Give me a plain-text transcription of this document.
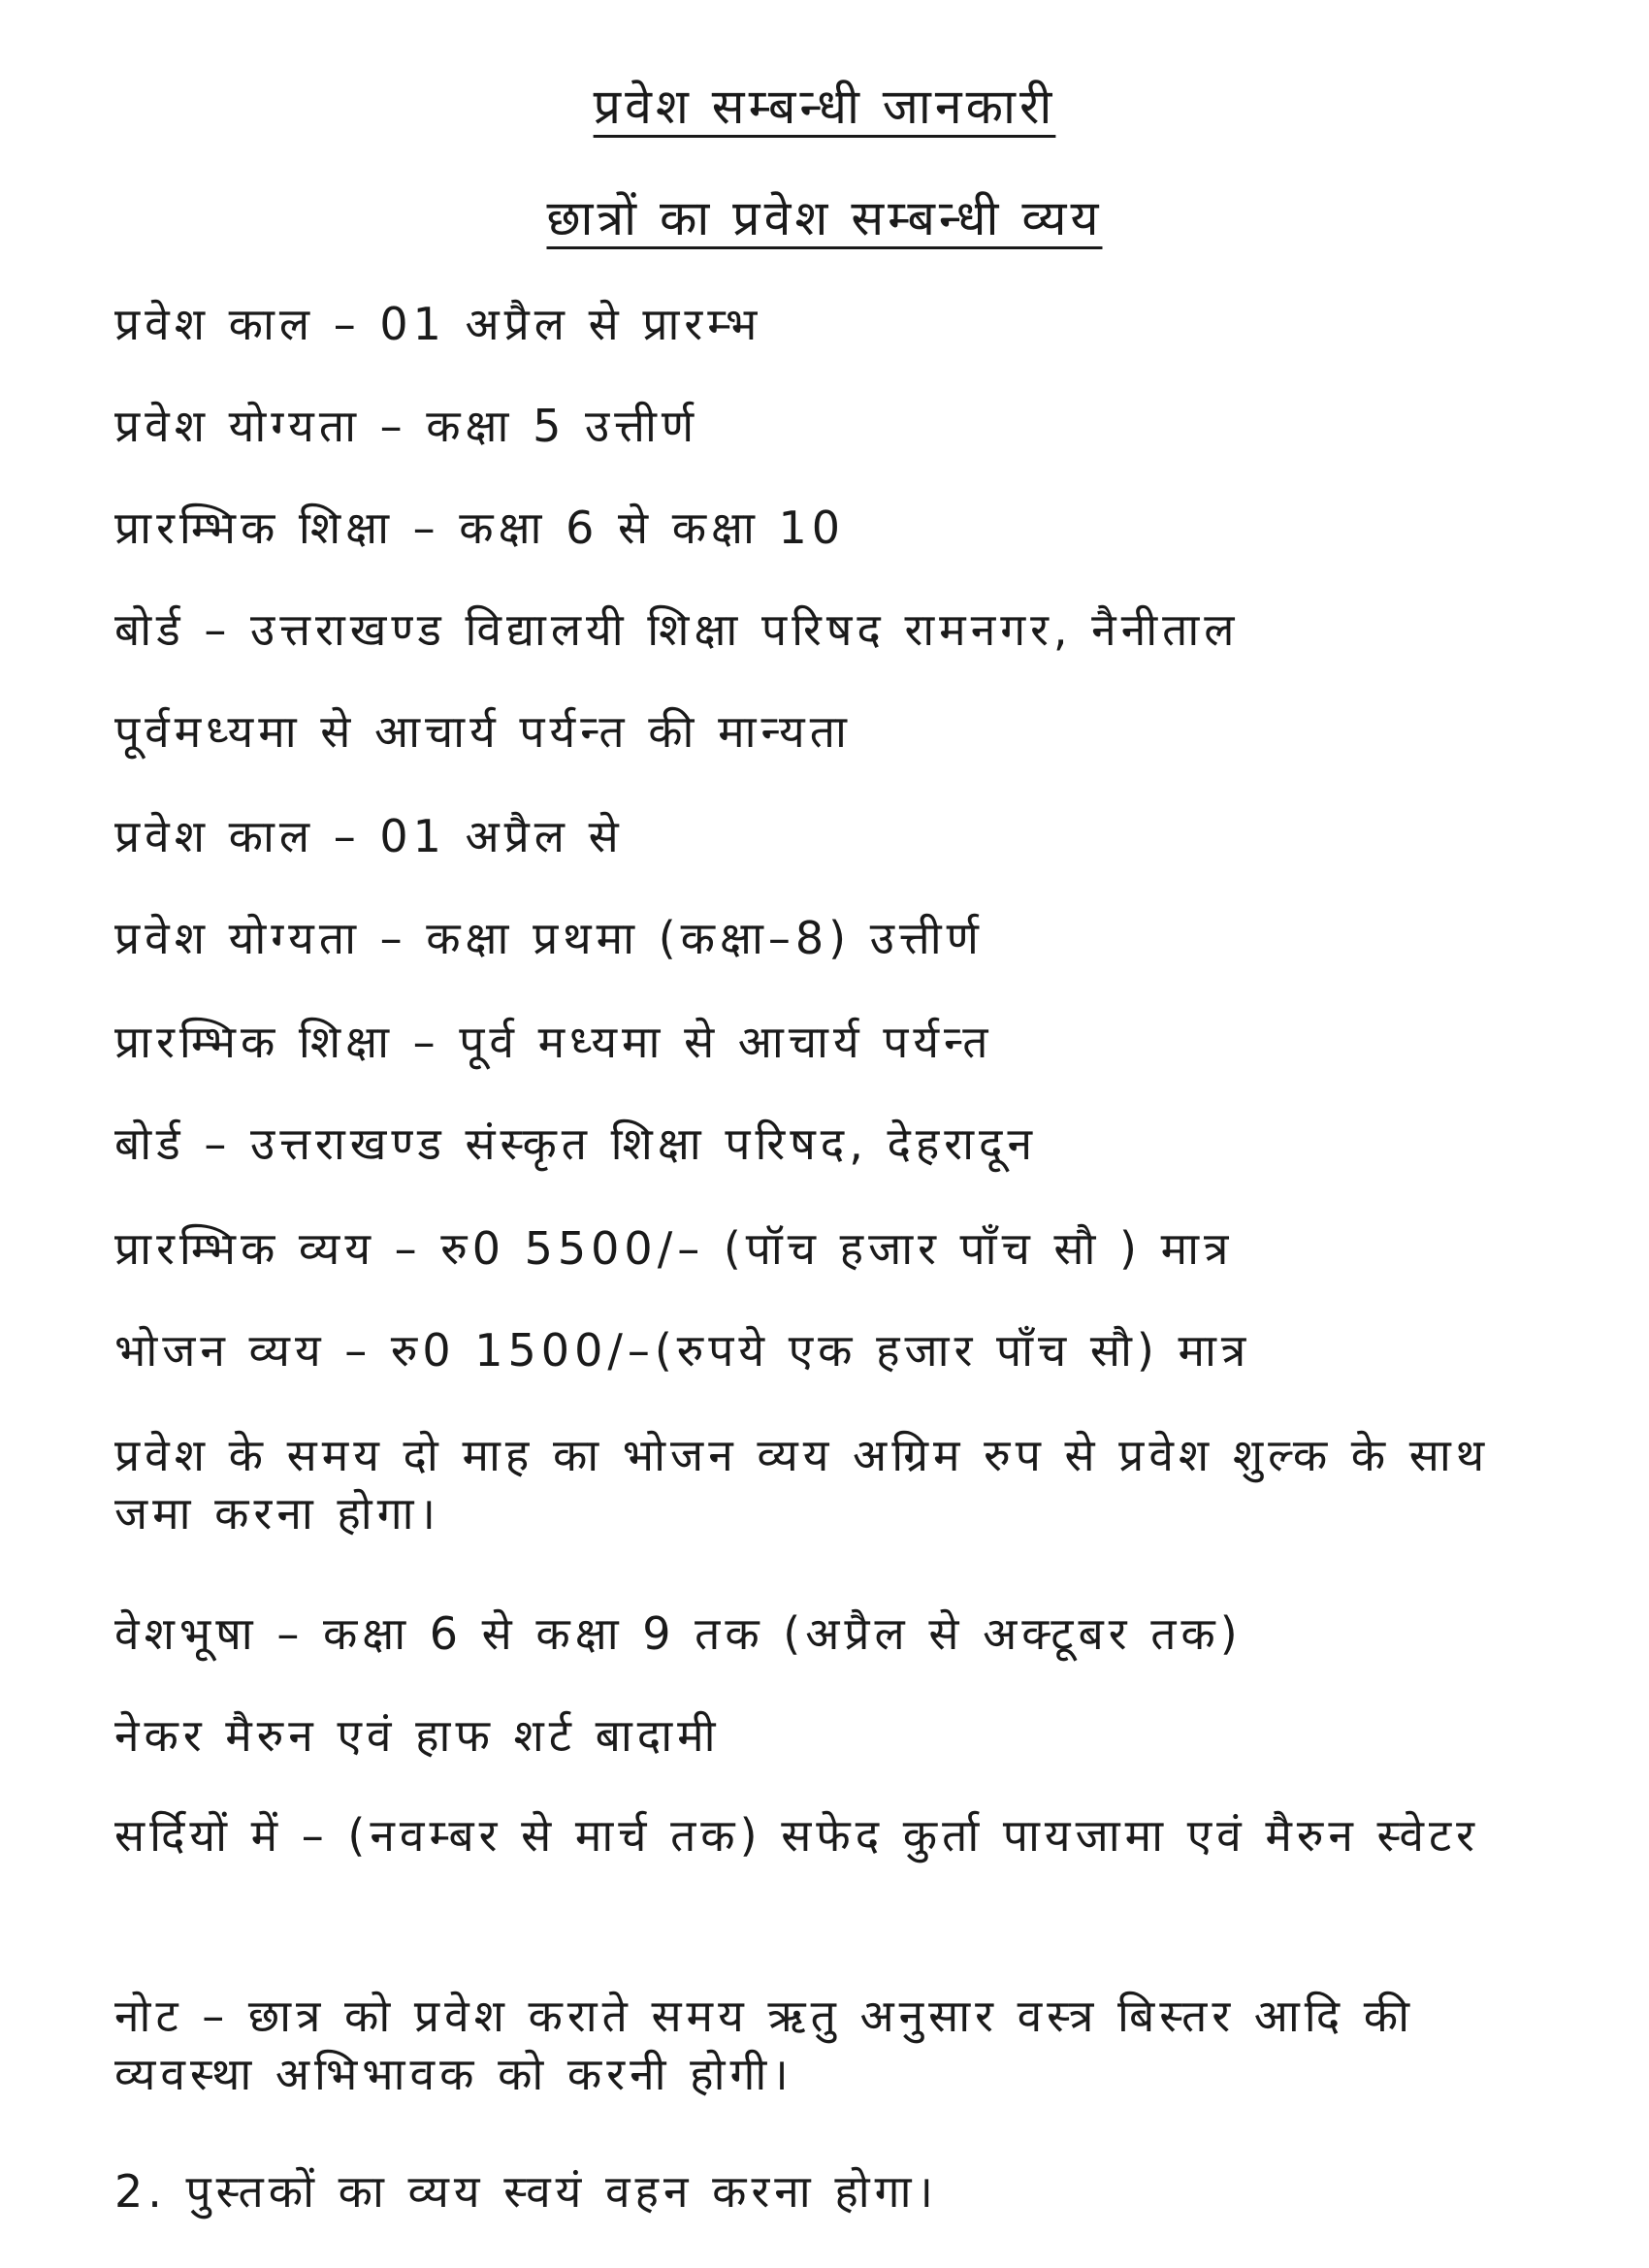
प्रवेश सम्बन्धी जानकारी
छात्रों का प्रवेश सम्बन्धी व्यय

प्रवेश काल – 01 अप्रैल से प्रारम्भ

प्रवेश योग्यता – कक्षा 5 उत्तीर्ण

प्रारम्भिक शिक्षा – कक्षा 6 से कक्षा 10

बोर्ड – उत्तराखण्ड विद्यालयी शिक्षा परिषद रामनगर, नैनीताल

पूर्वमध्यमा से आचार्य पर्यन्त की मान्यता

प्रवेश काल – 01 अप्रैल से

प्रवेश योग्यता – कक्षा प्रथमा (कक्षा–8) उत्तीर्ण

प्रारम्भिक शिक्षा – पूर्व मध्यमा से आचार्य पर्यन्त

बोर्ड – उत्तराखण्ड संस्कृत शिक्षा परिषद, देहरादून

प्रारम्भिक व्यय – रु0 5500/– (पॉच हजार पाँच सौ ) मात्र

भोजन व्यय – रु0 1500/–(रुपये एक हजार पाँच सौ) मात्र

प्रवेश के समय दो माह का भोजन व्यय अग्रिम रुप से प्रवेश शुल्क के साथ जमा करना होगा।

वेशभूषा – कक्षा 6 से कक्षा 9 तक (अप्रैल से अक्टूबर तक)

नेकर मैरुन एवं हाफ शर्ट बादामी

सर्दियों में – (नवम्बर से मार्च तक) सफेद कुर्ता पायजामा एवं मैरुन स्वेटर

नोट – छात्र को प्रवेश कराते समय ऋतु अनुसार वस्त्र बिस्तर आदि की व्यवस्था अभिभावक को करनी होगी।

2. पुस्तकों का व्यय स्वयं वहन करना होगा।
